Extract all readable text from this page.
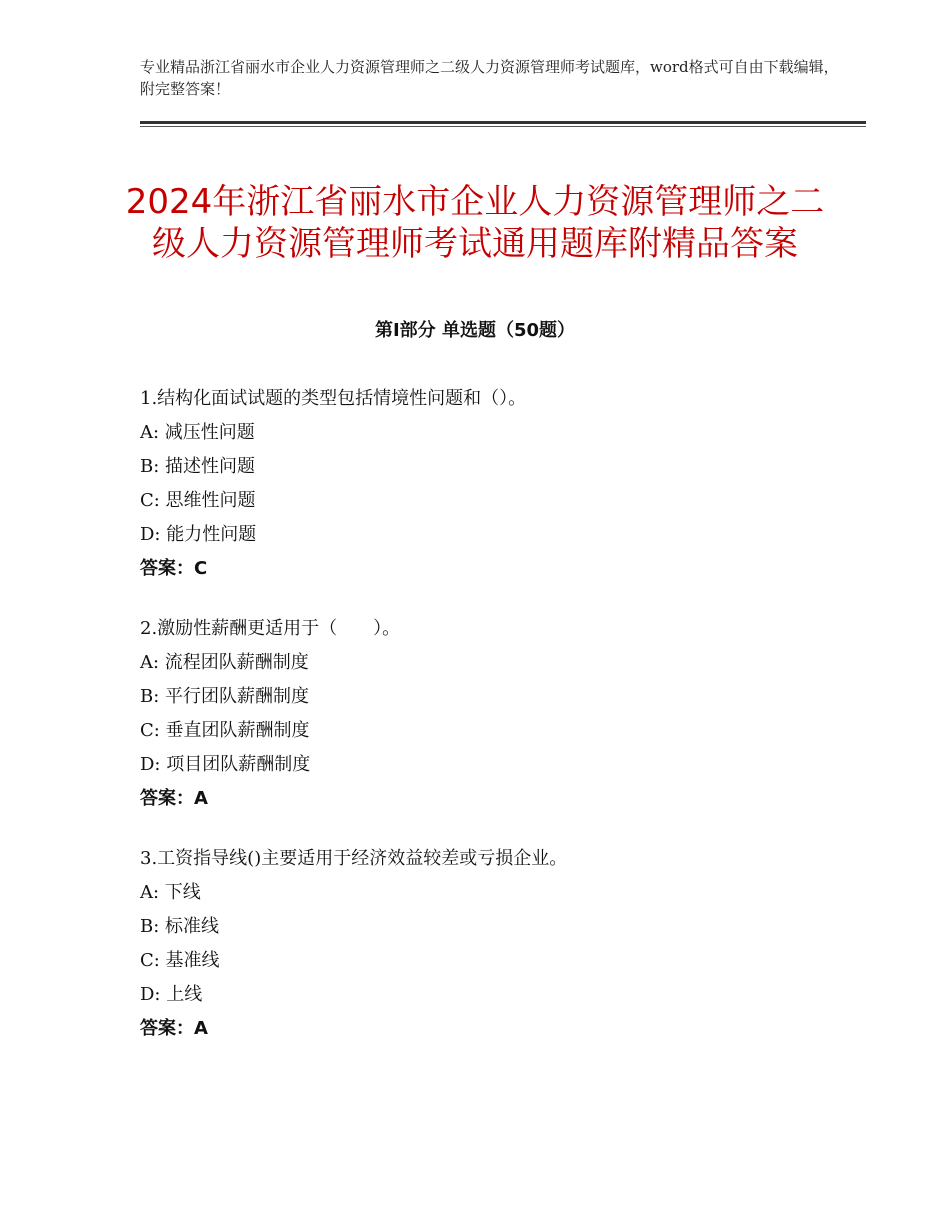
专业精品浙江省丽水市企业人力资源管理师之二级人力资源管理师考试题库，word格式可自由下载编辑，附完整答案！
2024年浙江省丽水市企业人力资源管理师之二级人力资源管理师考试通用题库附精品答案
第Ⅰ部分 单选题（50题）
1.结构化面试试题的类型包括情境性问题和（）。
A: 减压性问题
B: 描述性问题
C: 思维性问题
D: 能力性问题
答案：C
2.激励性薪酬更适用于（　　）。
A: 流程团队薪酬制度
B: 平行团队薪酬制度
C: 垂直团队薪酬制度
D: 项目团队薪酬制度
答案：A
3.工资指导线()主要适用于经济效益较差或亏损企业。
A: 下线
B: 标准线
C: 基准线
D: 上线
答案：A
